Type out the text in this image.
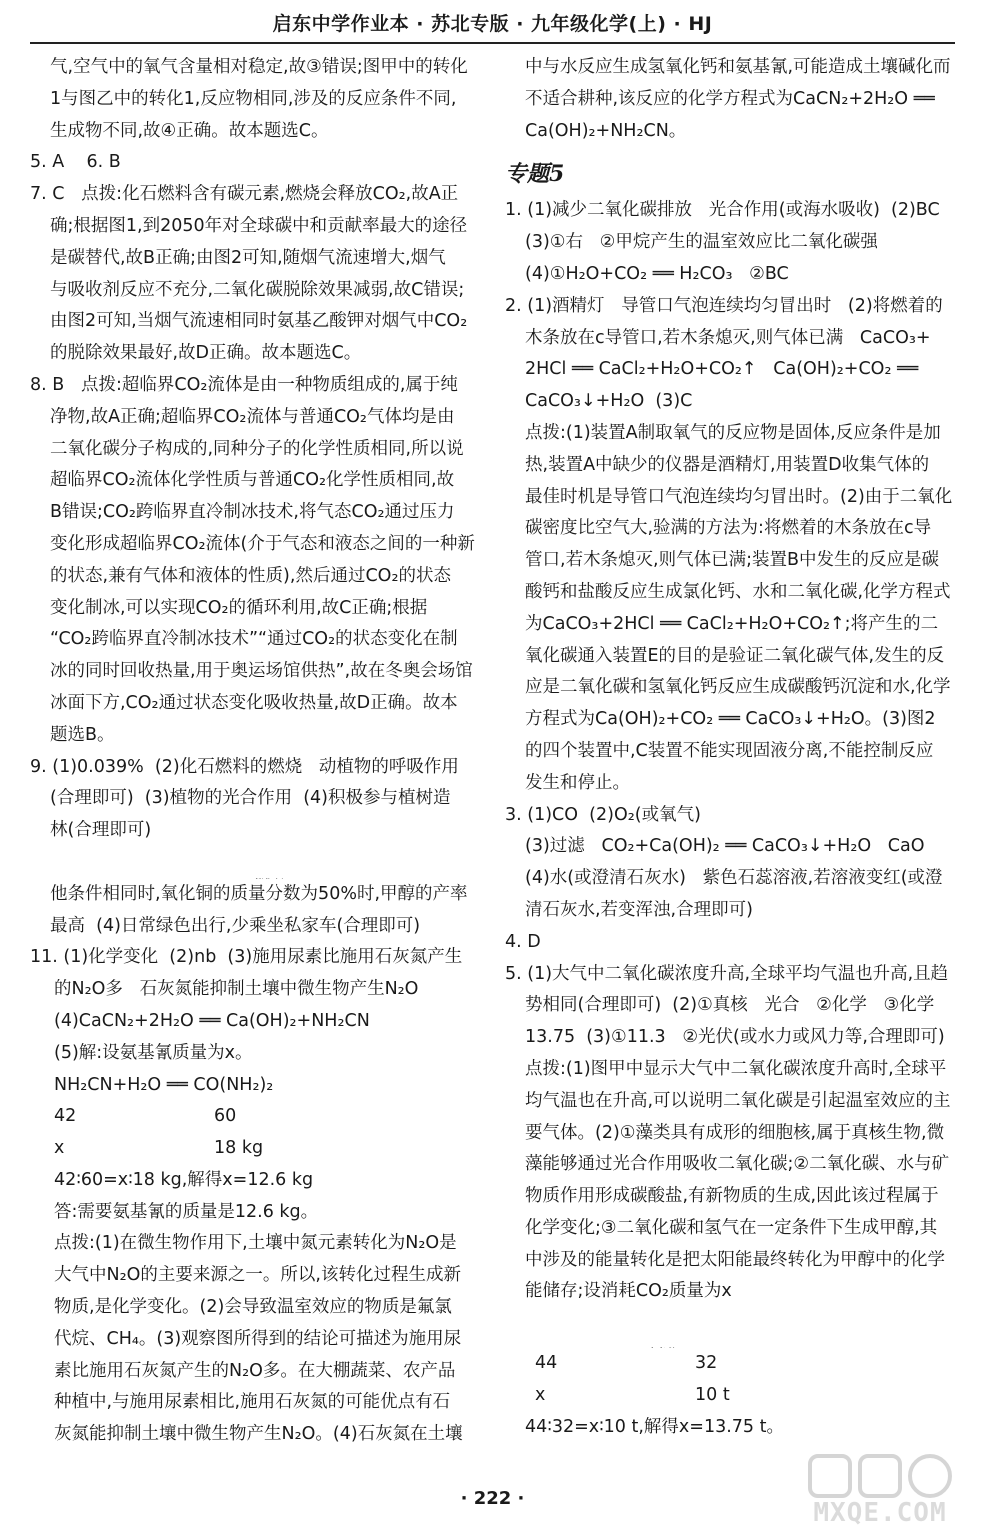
启东中学作业本 · 苏北专版 · 九年级化学(上) · HJ
气,空气中的氧气含量相对稳定,故③错误;图甲中的转化
1与图乙中的转化1,反应物相同,涉及的反应条件不同,
生成物不同,故④正确。故本题选C。
5. A    6. B
7. C   点拨:化石燃料含有碳元素,燃烧会释放CO₂,故A正
确;根据图1,到2050年对全球碳中和贡献率最大的途径
是碳替代,故B正确;由图2可知,随烟气流速增大,烟气
与吸收剂反应不充分,二氧化碳脱除效果减弱,故C错误;
由图2可知,当烟气流速相同时氨基乙酸钾对烟气中CO₂
的脱除效果最好,故D正确。故本题选C。
8. B   点拨:超临界CO₂流体是由一种物质组成的,属于纯
净物,故A正确;超临界CO₂流体与普通CO₂气体均是由
二氧化碳分子构成的,同种分子的化学性质相同,所以说
超临界CO₂流体化学性质与普通CO₂化学性质相同,故
B错误;CO₂跨临界直冷制冰技术,将气态CO₂通过压力
变化形成超临界CO₂流体(介于气态和液态之间的一种新
的状态,兼有气体和液体的性质),然后通过CO₂的状态
变化制冰,可以实现CO₂的循环利用,故C正确;根据
“CO₂跨临界直冷制冰技术”“通过CO₂的状态变化在制
冰的同时回收热量,用于奥运场馆供热”,故在冬奥会场馆
冰面下方,CO₂通过状态变化吸收热量,故D正确。故本
题选B。
9. (1)0.039%  (2)化石燃料的燃烧   动植物的呼吸作用
(合理即可)  (3)植物的光合作用  (4)积极参与植树造
林(合理即可)

他条件相同时,氧化铜的质量分数为50%时,甲醇的产率
最高  (4)日常绿色出行,少乘坐私家车(合理即可)
11. (1)化学变化  (2)nb  (3)施用尿素比施用石灰氮产生
的N₂O多   石灰氮能抑制土壤中微生物产生N₂O
(4)CaCN₂+2H₂O ══ Ca(OH)₂+NH₂CN
(5)解:设氨基氰质量为x。
NH₂CN+H₂O ══ CO(NH₂)₂
42	60
x	18 kg
42∶60=x∶18 kg,解得x=12.6 kg
答:需要氨基氰的质量是12.6 kg。
点拨:(1)在微生物作用下,土壤中氮元素转化为N₂O是
大气中N₂O的主要来源之一。所以,该转化过程生成新
物质,是化学变化。(2)会导致温室效应的物质是氟氯
代烷、CH₄。(3)观察图所得到的结论可描述为施用尿
素比施用石灰氮产生的N₂O多。在大棚蔬菜、农产品
种植中,与施用尿素相比,施用石灰氮的可能优点有石
灰氮能抑制土壤中微生物产生N₂O。(4)石灰氮在土壤
中与水反应生成氢氧化钙和氨基氰,可能造成土壤碱化而
不适合耕种,该反应的化学方程式为CaCN₂+2H₂O ══
Ca(OH)₂+NH₂CN。
专题5
1. (1)减少二氧化碳排放   光合作用(或海水吸收)  (2)BC
(3)①右   ②甲烷产生的温室效应比二氧化碳强
(4)①H₂O+CO₂ ══ H₂CO₃   ②BC
2. (1)酒精灯   导管口气泡连续均匀冒出时   (2)将燃着的
木条放在c导管口,若木条熄灭,则气体已满   CaCO₃+
2HCl ══ CaCl₂+H₂O+CO₂↑   Ca(OH)₂+CO₂ ══
CaCO₃↓+H₂O  (3)C
点拨:(1)装置A制取氧气的反应物是固体,反应条件是加
热,装置A中缺少的仪器是酒精灯,用装置D收集气体的
最佳时机是导管口气泡连续均匀冒出时。(2)由于二氧化
碳密度比空气大,验满的方法为:将燃着的木条放在c导
管口,若木条熄灭,则气体已满;装置B中发生的反应是碳
酸钙和盐酸反应生成氯化钙、水和二氧化碳,化学方程式
为CaCO₃+2HCl ══ CaCl₂+H₂O+CO₂↑;将产生的二
氧化碳通入装置E的目的是验证二氧化碳气体,发生的反
应是二氧化碳和氢氧化钙反应生成碳酸钙沉淀和水,化学
方程式为Ca(OH)₂+CO₂ ══ CaCO₃↓+H₂O。(3)图2
的四个装置中,C装置不能实现固液分离,不能控制反应
发生和停止。
3. (1)CO  (2)O₂(或氧气)
(3)过滤   CO₂+Ca(OH)₂ ══ CaCO₃↓+H₂O   CaO
(4)水(或澄清石灰水)   紫色石蕊溶液,若溶液变红(或澄
清石灰水,若变浑浊,合理即可)
4. D
5. (1)大气中二氧化碳浓度升高,全球平均气温也升高,且趋
势相同(合理即可)  (2)①真核   光合   ②化学   ③化学
13.75  (3)①11.3   ②光伏(或水力或风力等,合理即可)
点拨:(1)图甲中显示大气中二氧化碳浓度升高时,全球平
均气温也在升高,可以说明二氧化碳是引起温室效应的主
要气体。(2)①藻类具有成形的细胞核,属于真核生物,微
藻能够通过光合作用吸收二氧化碳;②二氧化碳、水与矿
物质作用形成碳酸盐,有新物质的生成,因此该过程属于
化学变化;③二氧化碳和氢气在一定条件下生成甲醇,其
中涉及的能量转化是把太阳能最终转化为甲醇中的化学
能储存;设消耗CO₂质量为x

44	32
x	10 t
44∶32=x∶10 t,解得x=13.75 t。
· 222 ·	MXQE.COM
